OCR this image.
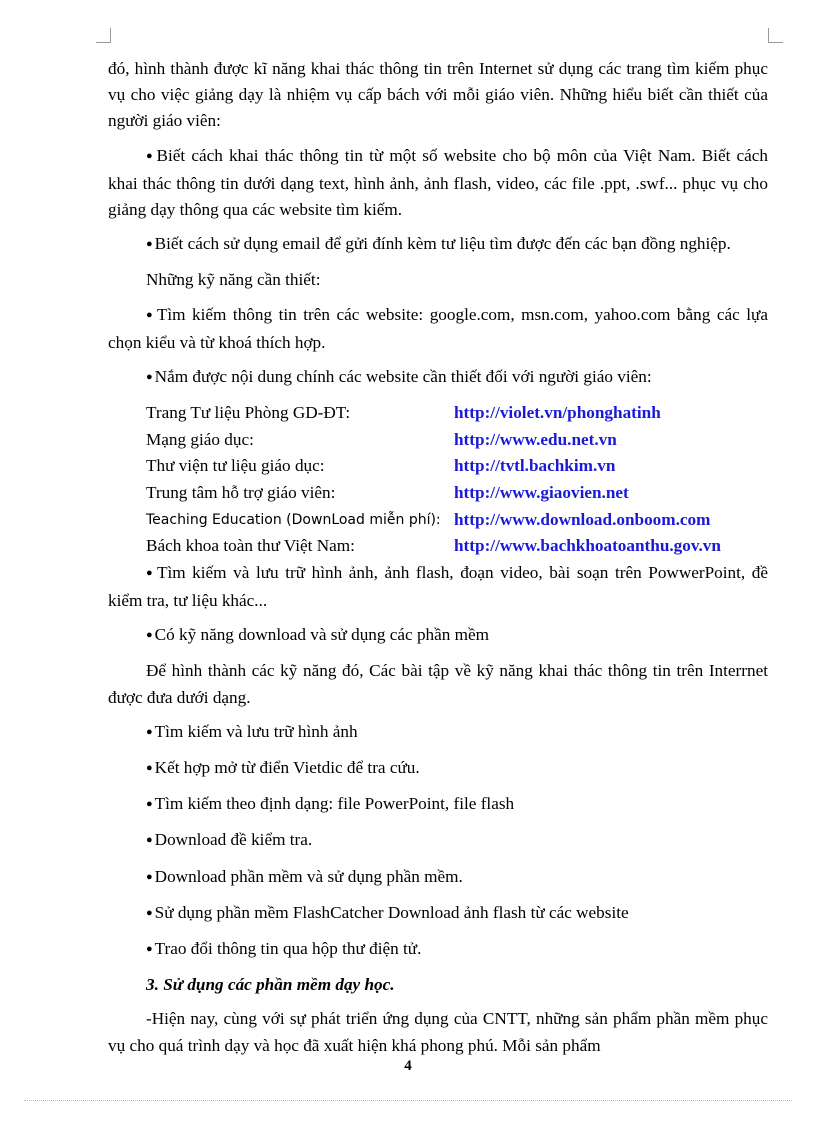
đó, hình thành được kĩ năng khai thác thông tin trên Internet sử dụng các trang tìm kiếm phục vụ cho việc giảng dạy là nhiệm vụ cấp bách với mỗi giáo viên. Những hiểu biết cần thiết của người giáo viên:

● Biết cách khai thác thông tin từ một số website cho bộ môn của Việt Nam. Biết cách khai thác thông tin dưới dạng text, hình ảnh, ảnh flash, video, các file .ppt, .swf... phục vụ cho giảng dạy thông qua các website tìm kiếm.

● Biết cách sử dụng email để gửi đính kèm tư liệu tìm được đến các bạn đồng nghiệp.

Những kỹ năng cần thiết:

● Tìm kiếm thông tin trên các website: google.com, msn.com, yahoo.com bằng các lựa chọn kiểu và từ khoá thích hợp.

● Nắm được nội dung chính các website cần thiết đối với người giáo viên:

Trang Tư liệu Phòng GD-ĐT:	http://violet.vn/phonghatinh
Mạng giáo dục:	http://www.edu.net.vn
Thư viện tư liệu giáo dục:	http://tvtl.bachkim.vn
Trung tâm hỗ trợ giáo viên:	http://www.giaovien.net
Teaching Education (DownLoad miễn phí): http://www.download.onboom.com
Bách khoa toàn thư Việt Nam:	http://www.bachkhoatoanthu.gov.vn

● Tìm kiếm và lưu trữ hình ảnh, ảnh flash, đoạn video, bài soạn trên PowwerPoint, đề kiểm tra, tư liệu khác...

● Có kỹ năng download và sử dụng các phần mềm

Để hình thành các kỹ năng đó, Các bài tập về kỹ năng khai thác thông tin trên Interrnet được đưa dưới dạng.

● Tìm kiếm và lưu trữ hình ảnh

● Kết hợp mở từ điển Vietdic để tra cứu.

● Tìm kiếm theo định dạng: file PowerPoint, file flash

● Download đề kiểm tra.

● Download phần mềm và sử dụng phần mềm.

● Sử dụng phần mềm FlashCatcher Download ảnh flash từ các website

● Trao đổi thông tin qua hộp thư điện tử.

3. Sử dụng các phần mềm dạy học.

-Hiện nay, cùng với sự phát triển ứng dụng của CNTT, những sản phẩm phần mềm phục vụ cho quá trình dạy và học đã xuất hiện khá phong phú. Mỗi sản phẩm

4
